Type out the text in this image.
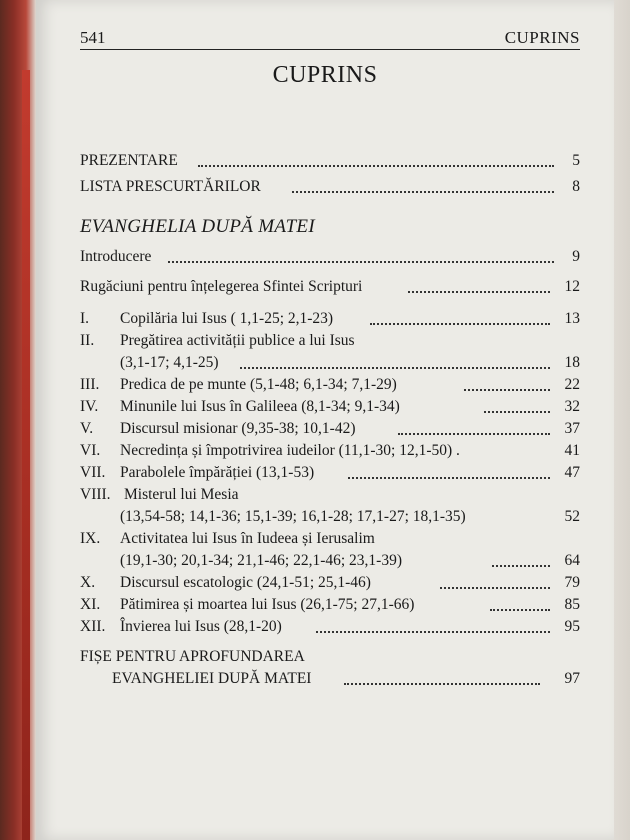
541	CUPRINS
CUPRINS
PREZENTARE	5
LISTA PRESCURTĂRILOR	8
EVANGHELIA DUPĂ MATEI
Introducere	9
Rugăciuni pentru înțelegerea Sfintei Scripturi	12
I. Copilăria lui Isus ( 1,1-25; 2,1-23)	13
II. Pregătirea activității publice a lui Isus
(3,1-17; 4,1-25)	18
III. Predica de pe munte (5,1-48; 6,1-34; 7,1-29)	22
IV. Minunile lui Isus în Galileea (8,1-34; 9,1-34)	32
V. Discursul misionar (9,35-38; 10,1-42)	37
VI. Necredința și împotrivirea iudeilor (11,1-30; 12,1-50) .	41
VII. Parabolele împărăției (13,1-53)	47
VIII. Misterul lui Mesia
(13,54-58; 14,1-36; 15,1-39; 16,1-28; 17,1-27; 18,1-35)	52
IX. Activitatea lui Isus în Iudeea și Ierusalim
(19,1-30; 20,1-34; 21,1-46; 22,1-46; 23,1-39)	64
X. Discursul escatologic (24,1-51; 25,1-46)	79
XI. Pătimirea și moartea lui Isus (26,1-75; 27,1-66)	85
XII. Învierea lui Isus (28,1-20)	95
FIȘE PENTRU APROFUNDAREA
EVANGHELIEI DUPĂ MATEI	97
